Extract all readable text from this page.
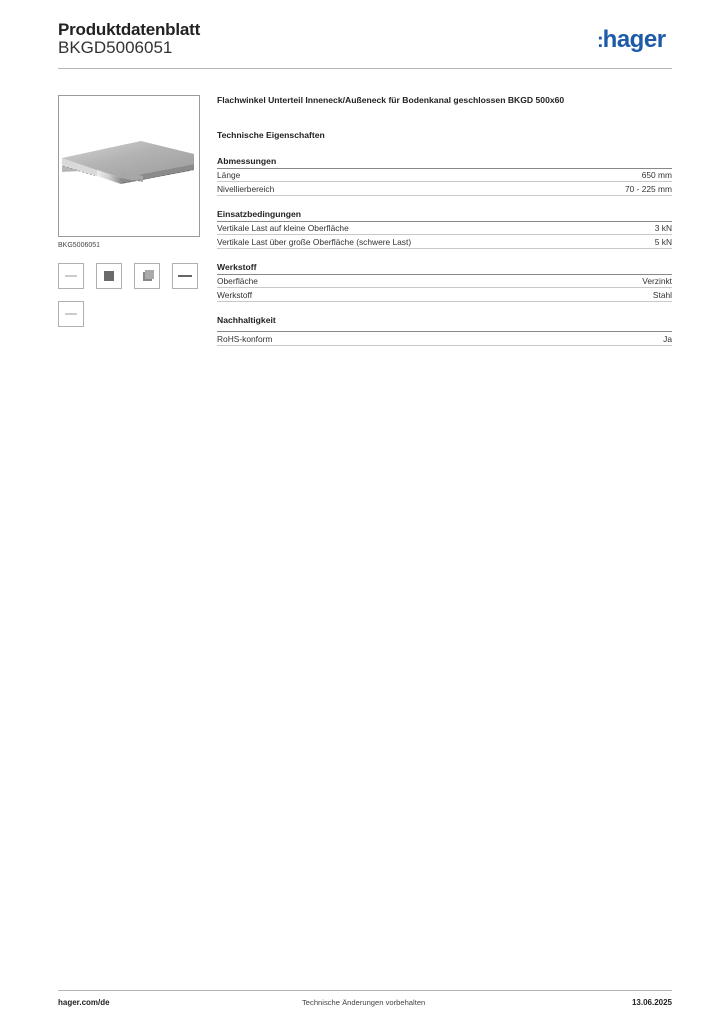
Produktdatenblatt
BKGD5006051	:hager
BKG5006051
Flachwinkel Unterteil Inneneck/Außeneck für Bodenkanal geschlossen BKGD 500x60
Technische Eigenschaften
Abmessungen
Länge	650 mm
Nivellierbereich	70 - 225 mm
Einsatzbedingungen
Vertikale Last auf kleine Oberfläche	3 kN
Vertikale Last über große Oberfläche (schwere Last)	5 kN
Werkstoff
Oberfläche	Verzinkt
Werkstoff	Stahl
Nachhaltigkeit
RoHS-konform	Ja
hager.com/de	Technische Änderungen vorbehalten	13.06.2025
